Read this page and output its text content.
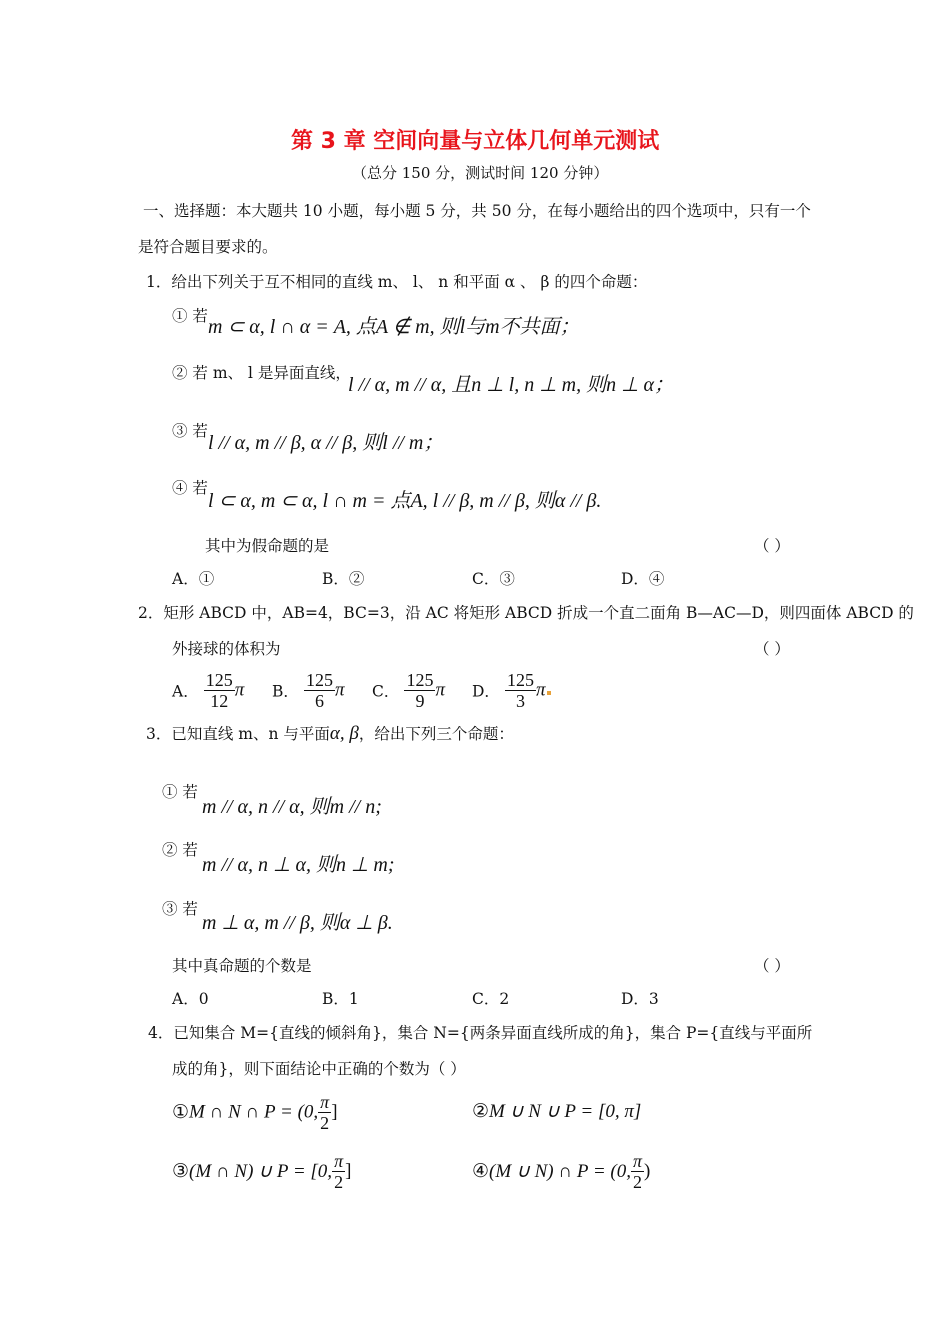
第 3 章 空间向量与立体几何单元测试
（总分 150 分，测试时间 120 分钟）
一、选择题：本大题共 10 小题，每小题 5 分，共 50 分，在每小题给出的四个选项中，只有一个
是符合题目要求的。
1．给出下列关于互不相同的直线 m、 l、 n 和平面 α 、 β 的四个命题：
① 若 m ⊂ α, l ∩ α = A, 点A ∉ m, 则l与m不共面；
② 若 m、 l 是异面直线，
l // α, m // α, 且n ⊥ l, n ⊥ m, 则n ⊥ α；
③ 若
l // α, m // β, α // β, 则l // m；
④ 若
l ⊂ α, m ⊂ α, l ∩ m = 点A, l // β, m // β, 则α // β.
其中为假命题的是	（ ）
A．①	B．②	C．③	D．④
2．矩形 ABCD 中，AB=4，BC=3，沿 AC 将矩形 ABCD 折成一个直二面角 B—AC—D，则四面体 ABCD 的
外接球的体积为	（ ）
A． $\frac{125}{12}$ π B． $\frac{125}{6}$ π C． $\frac{125}{9}$ π D． $\frac{125}{3}$ π
3．已知直线 m、n 与平面α, β，给出下列三个命题：
① 若
m // α, n // α, 则m // n;
② 若
m // α, n ⊥ α, 则n ⊥ m;
③ 若
m ⊥ α, m // β, 则α ⊥ β.
其中真命题的个数是	（ ）
A．0	B．1	C．2	D．3
4．已知集合 M={直线的倾斜角}，集合 N={两条异面直线所成的角}，集合 P={直线与平面所
成的角}，则下面结论中正确的个数为（ ）
①M ∩ N ∩ P = (0, $\frac{\pi}{2}$ ]	②M ∪ N ∪ P = [0, π]
③(M ∩ N) ∪ P = [0, $\frac{\pi}{2}$ ]	④(M ∪ N) ∩ P = (0, $\frac{\pi}{2}$ )
